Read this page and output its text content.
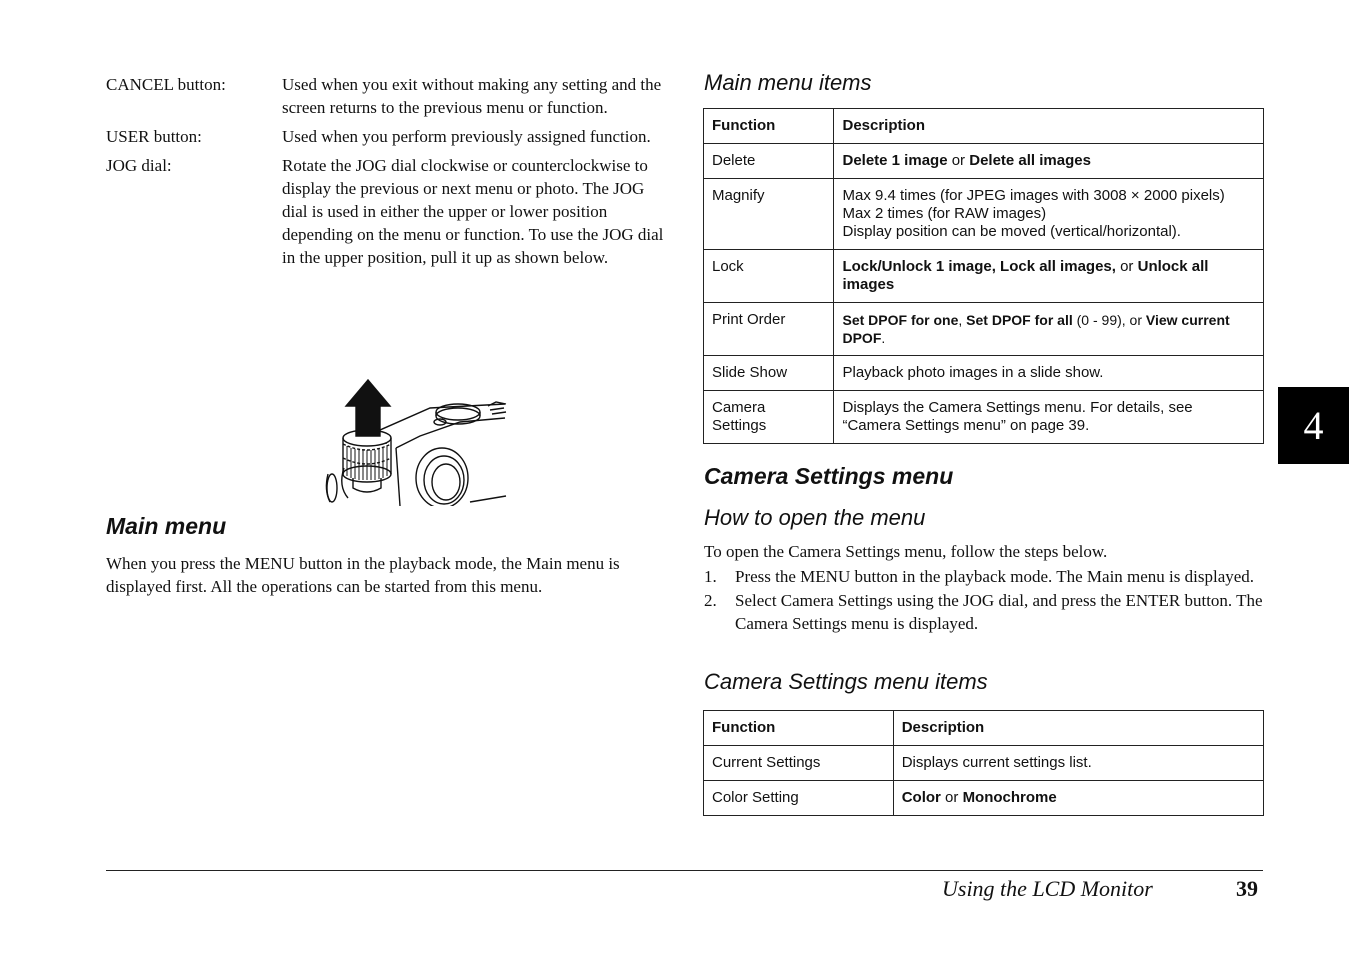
CANCEL button:	Used when you exit without making any setting and the screen returns to the previous menu or function.
USER button:	Used when you perform previously assigned function.
JOG dial:	Rotate the JOG dial clockwise or counterclockwise to display the previous or next menu or photo. The JOG dial is used in either the upper or lower position depending on the menu or function. To use the JOG dial in the upper position, pull it up as shown below.
Main menu

When you press the MENU button in the playback mode, the Main menu is displayed first. All the operations can be started from this menu.

Main menu items
Function	Description
Delete	Delete 1 image or Delete all images
Magnify	Max 9.4 times (for JPEG images with 3008 × 2000 pixels)
Max 2 times (for RAW images)
Display position can be moved (vertical/horizontal).

Lock	Lock/Unlock 1 image, Lock all images, or Unlock all images
Print Order	Set DPOF for one, Set DPOF for all (0 - 99), or View current DPOF.
Slide Show	Playback photo images in a slide show.
Camera Settings	Displays the Camera Settings menu. For details, see “Camera Settings menu” on page 39.
Camera Settings menu
How to open the menu

To open the Camera Settings menu, follow the steps below.

1.	Press the MENU button in the playback mode. The Main menu is displayed.
2.	Select Camera Settings using the JOG dial, and press the ENTER button. The Camera Settings menu is displayed.
Camera Settings menu items
Function	Description
Current Settings	Displays current settings list.
Color Setting	Color or Monochrome
4
Using the LCD Monitor	39
